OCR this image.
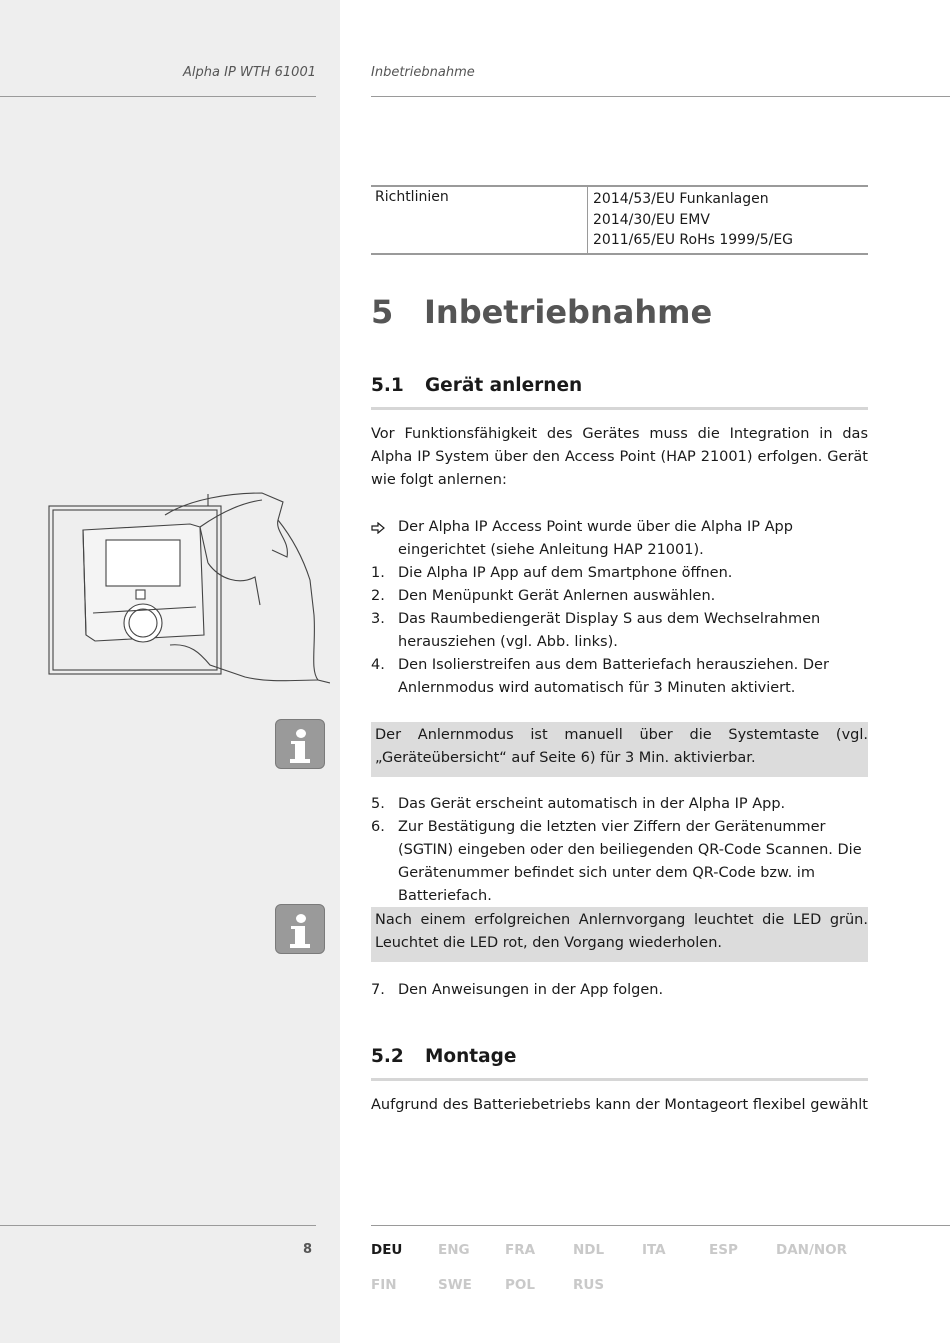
Alpha IP WTH 61001	Inbetriebnahme
Richtlinien	2014/53/EU Funkanlagen
2014/30/EU EMV
2011/65/EU RoHs 1999/5/EG
5 Inbetriebnahme
5.1 Gerät anlernen
Vor Funktionsfähigkeit des Gerätes muss die Integration in das Alpha IP System über den Access Point (HAP 21001) erfolgen. Gerät wie folgt anlernen:
Der Alpha IP Access Point wurde über die Alpha IP App eingerichtet (siehe Anleitung HAP 21001).
1. Die Alpha IP App auf dem Smartphone öffnen.
2. Den Menüpunkt Gerät Anlernen auswählen.
3. Das Raumbediengerät Display S aus dem Wechselrahmen herausziehen (vgl. Abb. links).
4. Den Isolierstreifen aus dem Batteriefach herausziehen. Der Anlernmodus wird automatisch für 3 Minuten aktiviert.
Der Anlernmodus ist manuell über die Systemtaste (vgl. „Geräteübersicht“ auf Seite 6) für 3 Min. aktivierbar.
5. Das Gerät erscheint automatisch in der Alpha IP App.
6. Zur Bestätigung die letzten vier Ziffern der Gerätenummer (SGTIN) eingeben oder den beiliegenden QR-Code Scannen. Die Gerätenummer befindet sich unter dem QR-Code bzw. im Batteriefach.
Nach einem erfolgreichen Anlernvorgang leuchtet die LED grün. Leuchtet die LED rot, den Vorgang wiederholen.
7. Den Anweisungen in der App folgen.
5.2 Montage
Aufgrund des Batteriebetriebs kann der Montageort flexibel gewählt
8	DEU	ENG	FRA	NDL	ITA	ESP	DAN/NOR
FIN	SWE POL	RUS
